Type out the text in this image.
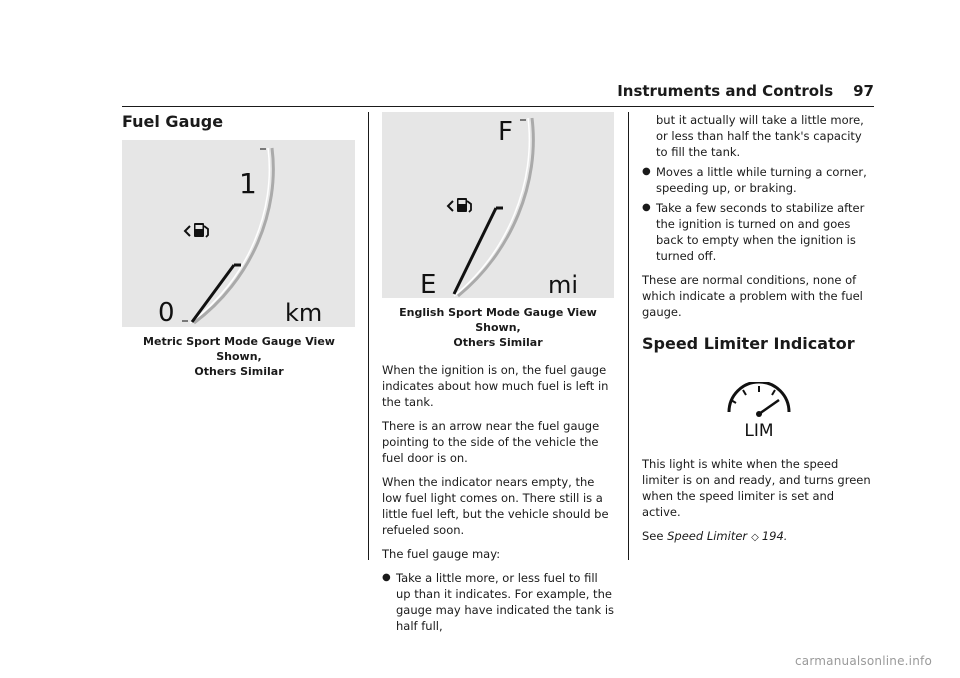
Instruments and Controls 97
Fuel Gauge
1
0	km
Metric Sport Mode Gauge View Shown,
Others Similar
F
E	mi
English Sport Mode Gauge View Shown,
Others Similar

When the ignition is on, the fuel gauge indicates about how much fuel is left in the tank.

There is an arrow near the fuel gauge pointing to the side of the vehicle the fuel door is on.

When the indicator nears empty, the low fuel light comes on. There still is a little fuel left, but the vehicle should be refueled soon.

The fuel gauge may:

● Take a little more, or less fuel to fill up than it indicates. For example, the gauge may have indicated the tank is half full,
but it actually will take a little more, or less than half the tank's capacity to fill the tank.
● Moves a little while turning a corner, speeding up, or braking.
● Take a few seconds to stabilize after the ignition is turned on and goes back to empty when the ignition is turned off.

These are normal conditions, none of which indicate a problem with the fuel gauge.

Speed Limiter Indicator
LIM

This light is white when the speed limiter is on and ready, and turns green when the speed limiter is set and active.

See Speed Limiter ◇ 194.

carmanualsonline.info
